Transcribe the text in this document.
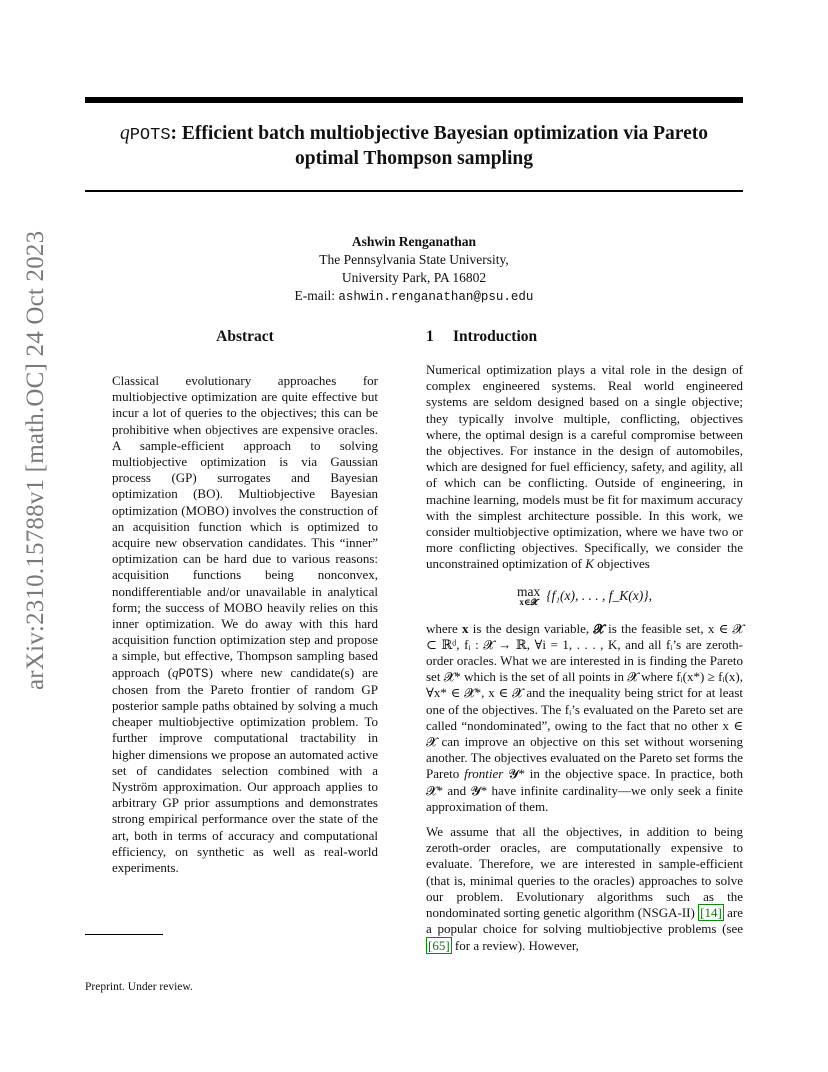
qPOTS: Efficient batch multiobjective Bayesian optimization via Pareto
optimal Thompson sampling
Ashwin Renganathan
The Pennsylvania State University,
University Park, PA 16802
E-mail: ashwin.renganathan@psu.edu
arXiv:2310.15788v1 [math.OC] 24 Oct 2023	Abstract
Classical evolutionary approaches for multiobjective optimization are quite effective but incur a lot of queries to the objectives; this can be prohibitive when objectives are expensive oracles. A sample-efficient approach to solving multiobjective optimization is via Gaussian process (GP) surrogates and Bayesian optimization (BO). Multiobjective Bayesian optimization (MOBO) involves the construction of an acquisition function which is optimized to acquire new observation candidates. This “inner” optimization can be hard due to various reasons: acquisition functions being nonconvex, nondifferentiable and/or unavailable in analytical form; the success of MOBO heavily relies on this inner optimization. We do away with this hard acquisition function optimization step and propose a simple, but effective, Thompson sampling based approach (qPOTS) where new candidate(s) are chosen from the Pareto frontier of random GP posterior sample paths obtained by solving a much cheaper multiobjective optimization problem. To further improve computational tractability in higher dimensions we propose an automated active set of candidates selection combined with a Nyström approximation. Our approach applies to arbitrary GP prior assumptions and demonstrates strong empirical performance over the state of the art, both in terms of accuracy and computational efficiency, on synthetic as well as real-world experiments.
1 Introduction

Numerical optimization plays a vital role in the design of complex engineered systems. Real world engineered systems are seldom designed based on a single objective; they typically involve multiple, conflicting, objectives where, the optimal design is a careful compromise between the objectives. For instance in the design of automobiles, which are designed for fuel efficiency, safety, and agility, all of which can be conflicting. Outside of engineering, in machine learning, models must be fit for maximum accuracy with the simplest architecture possible. In this work, we consider multiobjective optimization, where we have two or more conflicting objectives. Specifically, we consider the unconstrained optimization of K objectives

max
x∈𝓧 {f₁(x), . . . , f_K(x)},

where x is the design variable, 𝓧 is the feasible set, x ∈ 𝓧 ⊂ ℝᵈ, fᵢ : 𝓧 → ℝ, ∀i = 1, . . . , K, and all fᵢ’s are zeroth-order oracles. What we are interested in is finding the Pareto set 𝓧* which is the set of all points in 𝓧 where fᵢ(x*) ≥ fᵢ(x), ∀x* ∈ 𝓧*, x ∈ 𝓧 and the inequality being strict for at least one of the objectives. The fᵢ’s evaluated on the Pareto set are called “nondominated”, owing to the fact that no other x ∈ 𝓧 can improve an objective on this set without worsening another. The objectives evaluated on the Pareto set forms the Pareto frontier 𝓨* in the objective space. In practice, both 𝓧* and 𝓨* have infinite cardinality—we only seek a finite approximation of them.

We assume that all the objectives, in addition to being zeroth-order oracles, are computationally expensive to evaluate. Therefore, we are interested in sample-efficient (that is, minimal queries to the oracles) approaches to solve our problem. Evolutionary algorithms such as the nondominated sorting genetic algorithm (NSGA-II) [14] are a popular choice for solving multiobjective problems (see [65] for a review). However,

Preprint. Under review.
